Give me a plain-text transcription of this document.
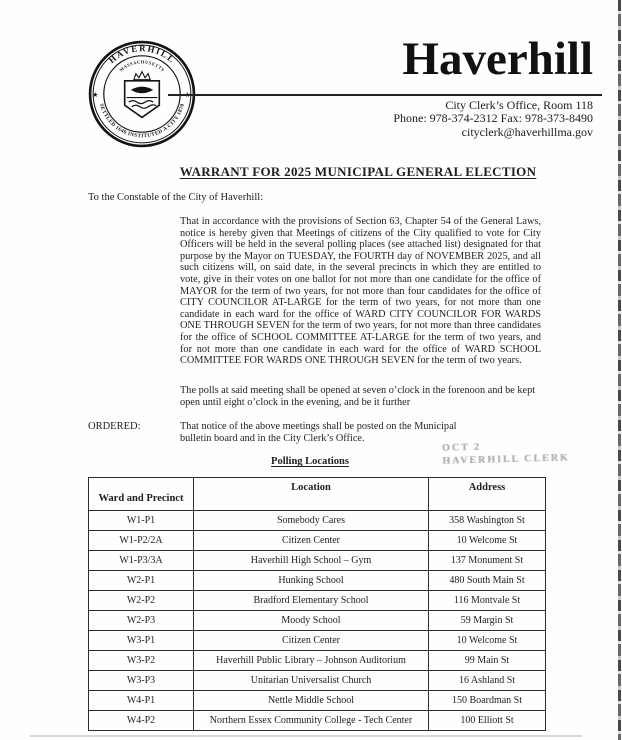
HAVERHILL
MASSACHUSETTS
SETTLED 1640 INSTITUTED A CITY 1870
★
Haverhill
City Clerk’s Office, Room 118
Phone: 978-374-2312 Fax: 978-373-8490
cityclerk@haverhillma.gov
WARRANT FOR 2025 MUNICIPAL GENERAL ELECTION
To the Constable of the City of Haverhill:
That in accordance with the provisions of Section 63, Chapter 54 of the General Laws, notice is hereby given that Meetings of citizens of the City qualified to vote for City Officers will be held in the several polling places (see attached list) designated for that purpose by the Mayor on TUESDAY, the FOURTH day of NOVEMBER 2025, and all such citizens will, on said date, in the several precincts in which they are entitled to vote, give in their votes on one ballot for not more than one candidate for the office of MAYOR for the term of two years, for not more than four candidates for the office of CITY COUNCILOR AT-LARGE for the term of two years, for not more than one candidate in each ward for the office of WARD CITY COUNCILOR FOR WARDS ONE THROUGH SEVEN for the term of two years, for not more than three candidates for the office of SCHOOL COMMITTEE AT-LARGE for the term of two years, and for not more than one candidate in each ward for the office of WARD SCHOOL COMMITTEE FOR WARDS ONE THROUGH SEVEN for the term of two years.
The polls at said meeting shall be opened at seven o’clock in the forenoon and be kept open until eight o’clock in the evening, and be it further
ORDERED:	That notice of the above meetings shall be posted on the Municipal bulletin board and in the City Clerk’s Office.
OCT 2
HAVERHILL CLERK
Polling Locations
Ward and Precinct	Location	Address
W1-P1	Somebody Cares	358 Washington St
W1-P2/2A	Citizen Center	10 Welcome St
W1-P3/3A	Haverhill High School – Gym	137 Monument St
W2-P1	Hunking School	480 South Main St
W2-P2	Bradford Elementary School	116 Montvale St
W2-P3	Moody School	59 Margin St
W3-P1	Citizen Center	10 Welcome St
W3-P2	Haverhill Public Library – Johnson Auditorium	99 Main St
W3-P3	Unitarian Universalist Church	16 Ashland St
W4-P1	Nettle Middle School	150 Boardman St
W4-P2	Northern Essex Community College - Tech Center	100 Elliott St
